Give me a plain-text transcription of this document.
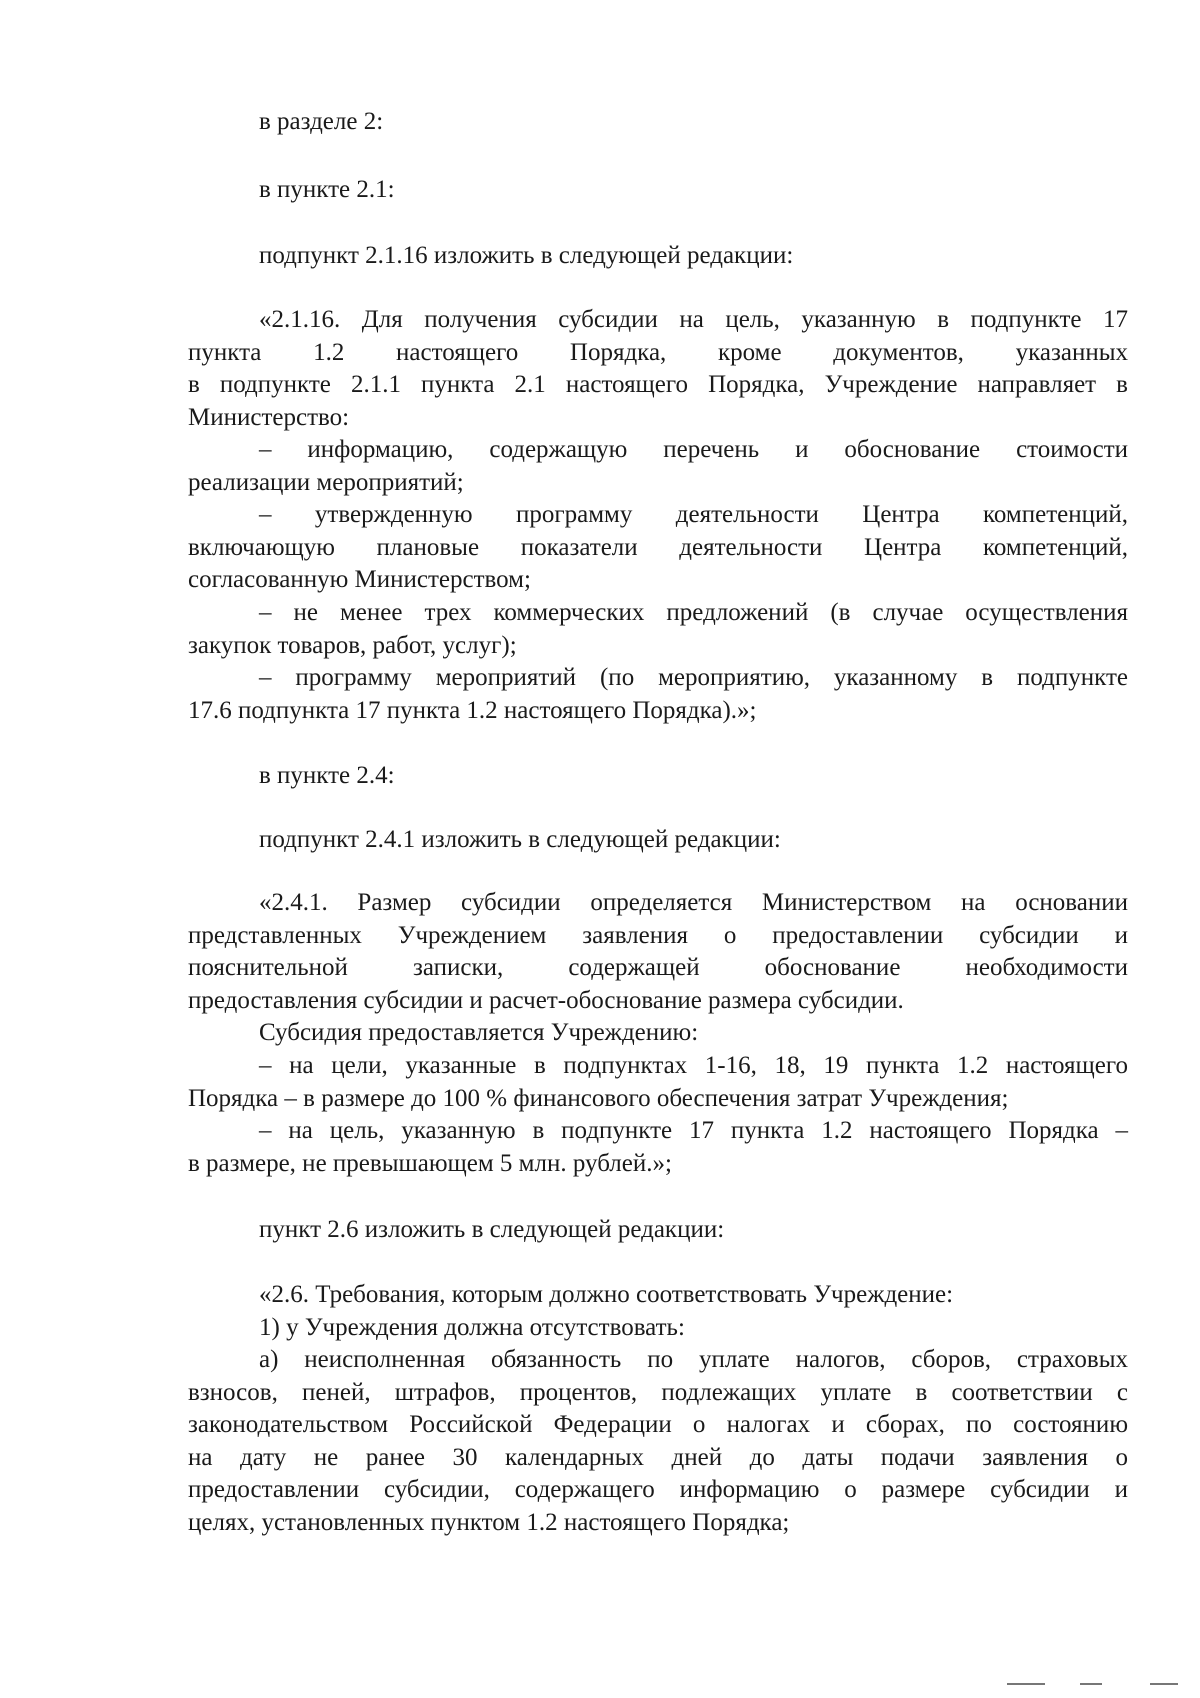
в разделе 2:

в пункте 2.1:

подпункт 2.1.16 изложить в следующей редакции:

«2.1.16. Для получения субсидии на цель, указанную в подпункте 17
пункта 1.2 настоящего Порядка, кроме документов, указанных
в подпункте 2.1.1 пункта 2.1 настоящего Порядка, Учреждение направляет в
Министерство:

– информацию, содержащую перечень и обоснование стоимости
реализации мероприятий;

– утвержденную программу деятельности Центра компетенций,
включающую плановые показатели деятельности Центра компетенций,
согласованную Министерством;

– не менее трех коммерческих предложений (в случае осуществления
закупок товаров, работ, услуг);

– программу мероприятий (по мероприятию, указанному в подпункте
17.6 подпункта 17 пункта 1.2 настоящего Порядка).»;

в пункте 2.4:

подпункт 2.4.1 изложить в следующей редакции:

«2.4.1. Размер субсидии определяется Министерством на основании
представленных Учреждением заявления о предоставлении субсидии и
пояснительной записки, содержащей обоснование необходимости
предоставления субсидии и расчет-обоснование размера субсидии.

Субсидия предоставляется Учреждению:

– на цели, указанные в подпунктах 1-16, 18, 19 пункта 1.2 настоящего
Порядка – в размере до 100 % финансового обеспечения затрат Учреждения;

– на цель, указанную в подпункте 17 пункта 1.2 настоящего Порядка –
в размере, не превышающем 5 млн. рублей.»;

пункт 2.6 изложить в следующей редакции:

«2.6. Требования, которым должно соответствовать Учреждение:

1) у Учреждения должна отсутствовать:

а) неисполненная обязанность по уплате налогов, сборов, страховых
взносов, пеней, штрафов, процентов, подлежащих уплате в соответствии с
законодательством Российской Федерации о налогах и сборах, по состоянию
на дату не ранее 30 календарных дней до даты подачи заявления о
предоставлении субсидии, содержащего информацию о размере субсидии и
целях, установленных пунктом 1.2 настоящего Порядка;
